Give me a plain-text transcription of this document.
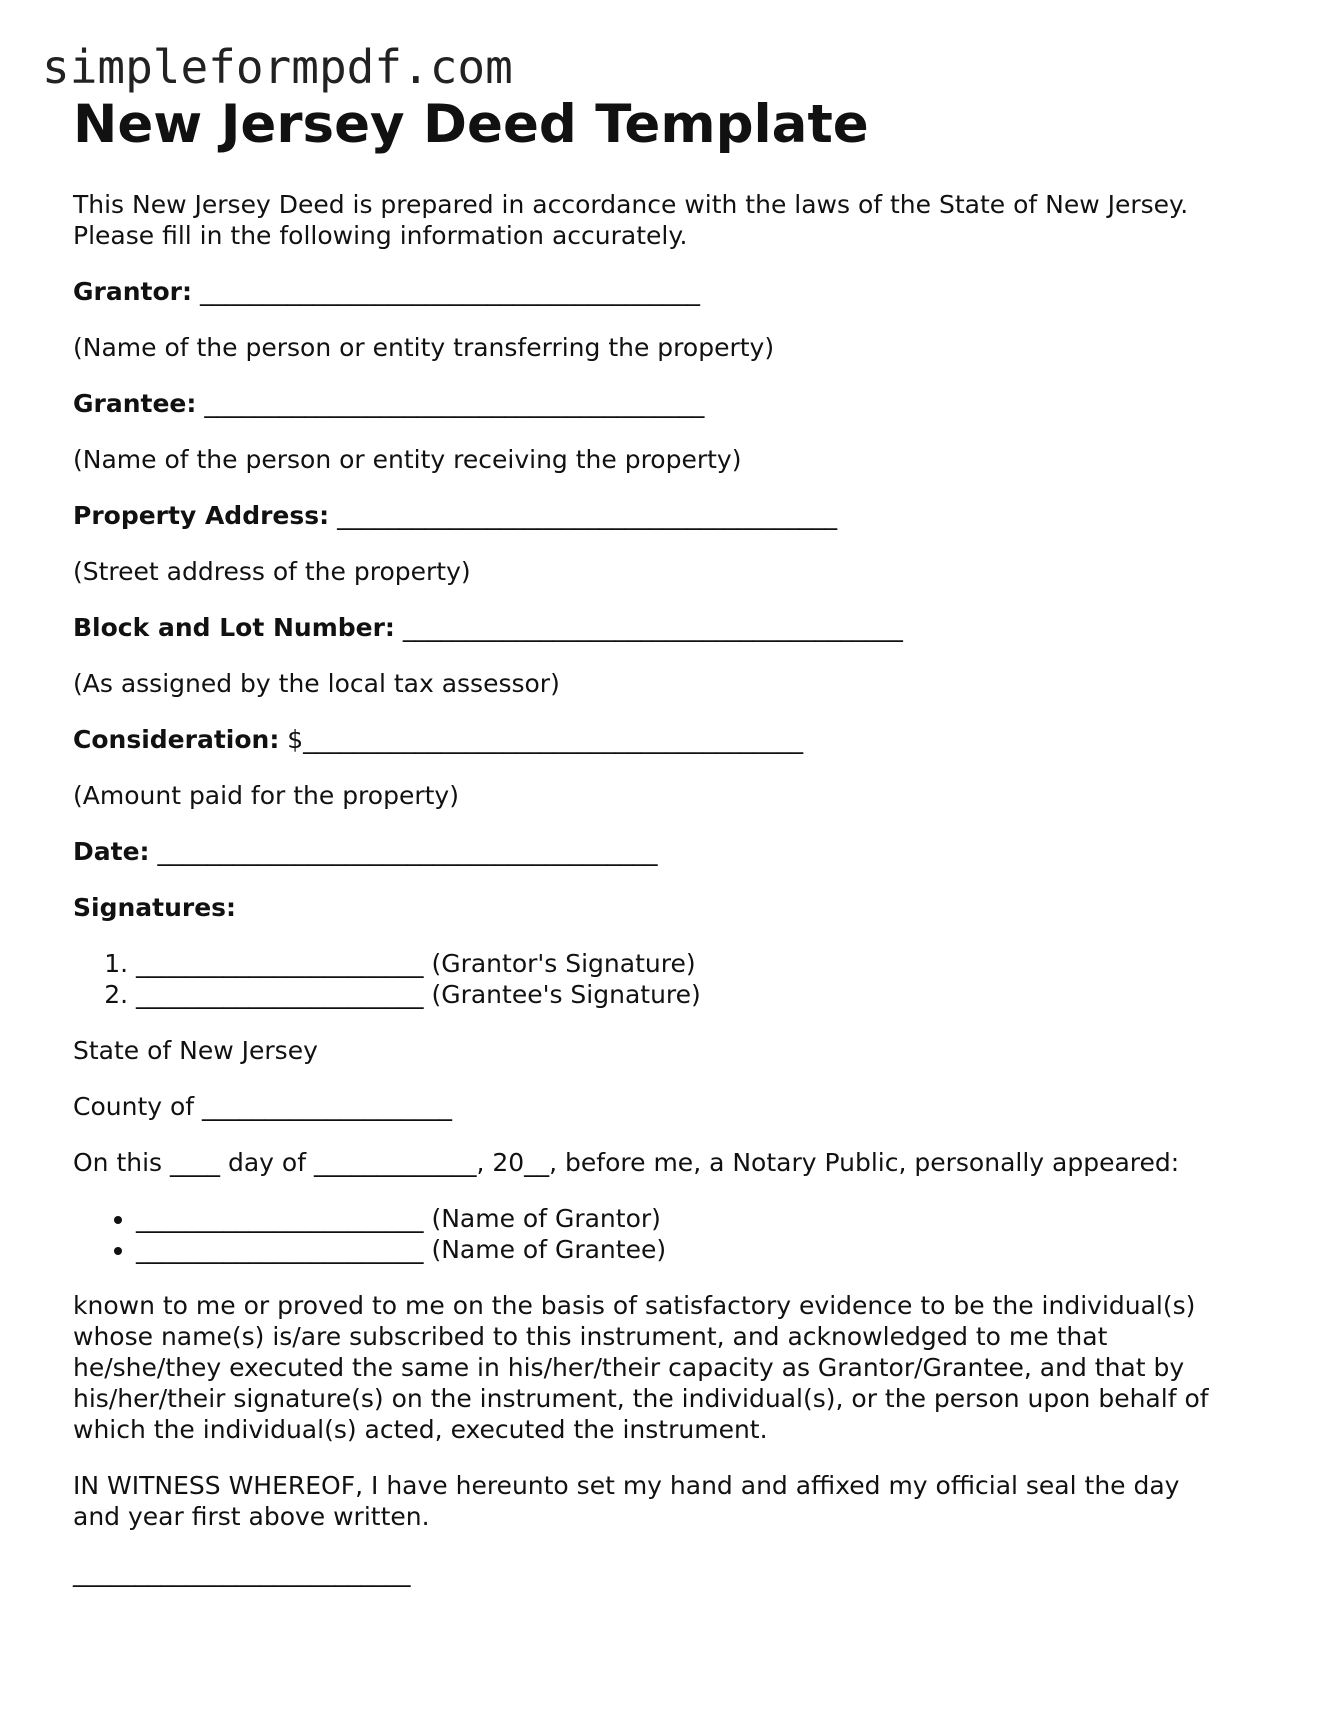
simpleformpdf.com
New Jersey Deed Template

This New Jersey Deed is prepared in accordance with the laws of the State of New Jersey.
Please fill in the following information accurately.

Grantor: ________________________________________

(Name of the person or entity transferring the property)

Grantee: ________________________________________

(Name of the person or entity receiving the property)

Property Address: ________________________________________

(Street address of the property)

Block and Lot Number: ________________________________________

(As assigned by the local tax assessor)

Consideration: $________________________________________

(Amount paid for the property)

Date: ________________________________________

Signatures:

1. _______________________ (Grantor's Signature)
2. _______________________ (Grantee's Signature)

State of New Jersey

County of ____________________

On this ____ day of _____________, 20__, before me, a Notary Public, personally appeared:

• _______________________ (Name of Grantor)
• _______________________ (Name of Grantee)

known to me or proved to me on the basis of satisfactory evidence to be the individual(s)
whose name(s) is/are subscribed to this instrument, and acknowledged to me that
he/she/they executed the same in his/her/their capacity as Grantor/Grantee, and that by
his/her/their signature(s) on the instrument, the individual(s), or the person upon behalf of
which the individual(s) acted, executed the instrument.

IN WITNESS WHEREOF, I have hereunto set my hand and affixed my official seal the day
and year first above written.

___________________________
